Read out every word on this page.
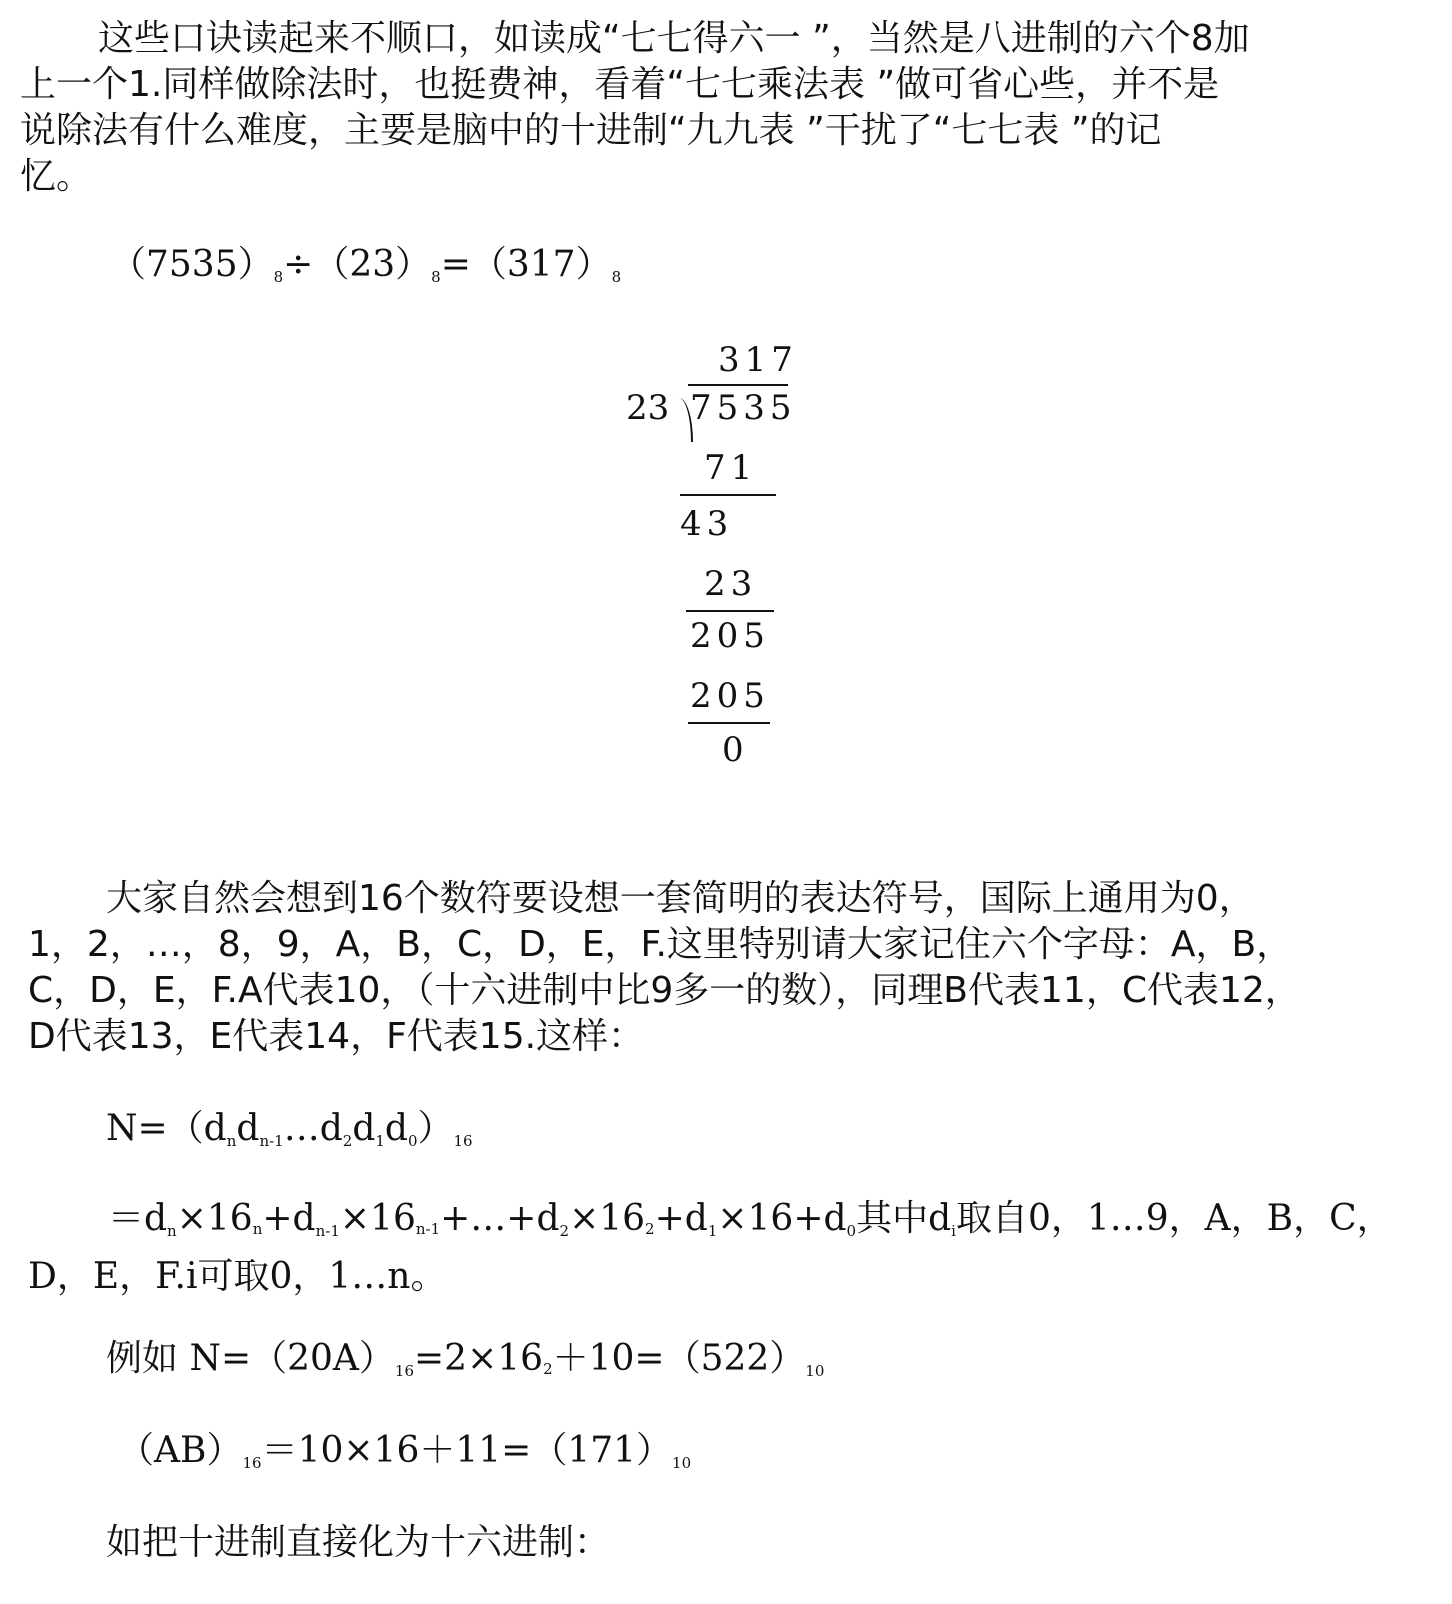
这些口诀读起来不顺口，如读成“七七得六一 ”，当然是八进制的六个8加
上一个1.同样做除法时，也挺费神，看着“七七乘法表 ”做可省心些，并不是
说除法有什么难度，主要是脑中的十进制“九九表 ”干扰了“七七表 ”的记
忆。
$(7535)_8\div(23)_8=(317)_8$
317
23 7535
71
43
23
205
205
0
大家自然会想到16个数符要设想一套简明的表达符号，国际上通用为0，
1，2，…，8，9，A，B，C，D，E，F.这里特别请大家记住六个字母：A，B，
C，D，E，F.A代表10，（十六进制中比9多一的数），同理B代表11，C代表12，
D代表13，E代表14，F代表15.这样：
$N=(d_nd_{n-1}\dots d_2d_1d_0)_{16}$
$=d_n\times 16_n+d_{n-1}\times 16_{n-1}+\dots+d_2\times 16_2+d_1\times 16+d_0$其中$d_i$取自0，1…9，A，B，C，
D，E，F.i可取0，1…n。
例如 $N=(20A)_{16}=2\times 16_2+10=(522)_{10}$
$(AB)_{16}=10\times 16+11=(171)_{10}$
如把十进制直接化为十六进制：
